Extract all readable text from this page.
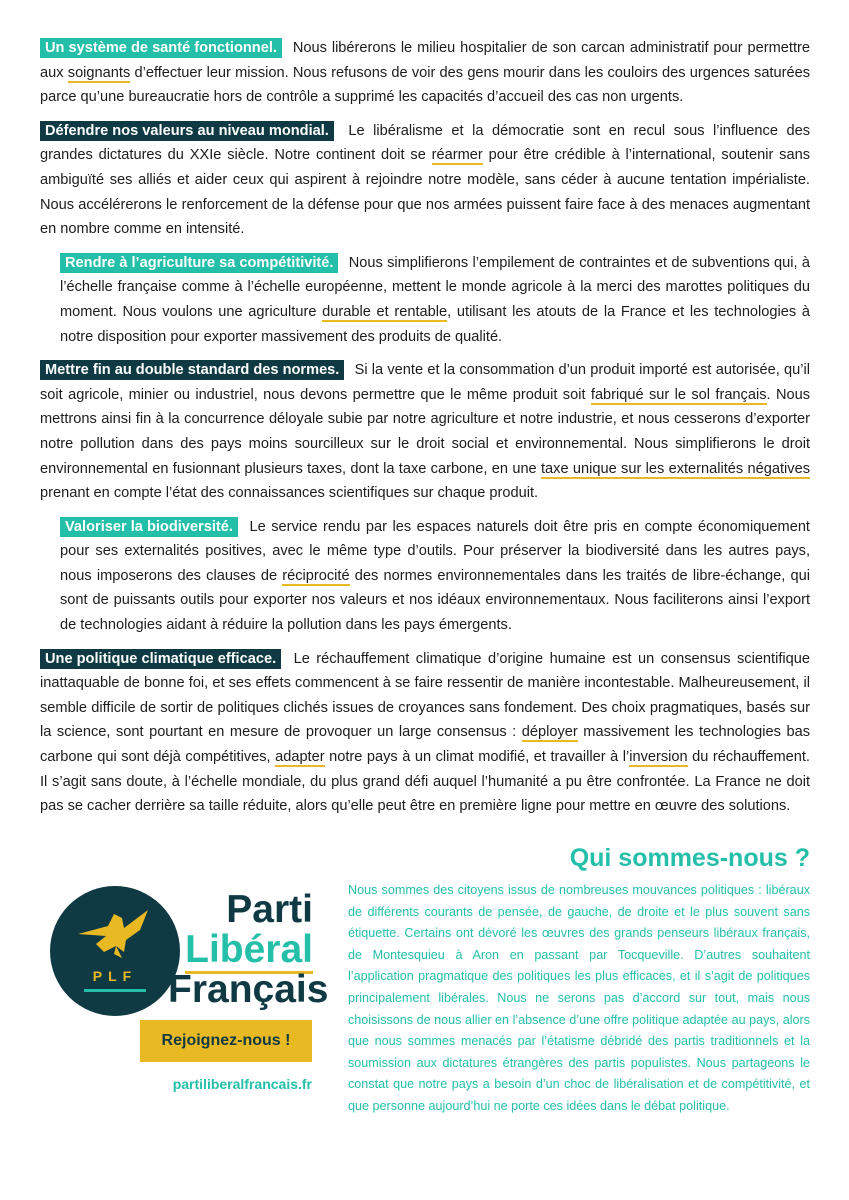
Un système de santé fonctionnel. Nous libérerons le milieu hospitalier de son carcan administratif pour permettre aux soignants d’effectuer leur mission. Nous refusons de voir des gens mourir dans les couloirs des urgences saturées parce qu’une bureaucratie hors de contrôle a supprimé les capacités d’accueil des cas non urgents.

Défendre nos valeurs au niveau mondial. Le libéralisme et la démocratie sont en recul sous l’influence des grandes dictatures du XXIe siècle. Notre continent doit se réarmer pour être crédible à l’international, soutenir sans ambiguïté ses alliés et aider ceux qui aspirent à rejoindre notre modèle, sans céder à aucune tentation impérialiste. Nous accélérerons le renforcement de la défense pour que nos armées puissent faire face à des menaces augmentant en nombre comme en intensité.

Rendre à l’agriculture sa compétitivité. Nous simplifierons l’empilement de contraintes et de subventions qui, à l’échelle française comme à l’échelle européenne, mettent le monde agricole à la merci des marottes politiques du moment. Nous voulons une agriculture durable et rentable, utilisant les atouts de la France et les technologies à notre disposition pour exporter massivement des produits de qualité.

Mettre fin au double standard des normes. Si la vente et la consommation d’un produit importé est autorisée, qu’il soit agricole, minier ou industriel, nous devons permettre que le même produit soit fabriqué sur le sol français. Nous mettrons ainsi fin à la concurrence déloyale subie par notre agriculture et notre industrie, et nous cesserons d’exporter notre pollution dans des pays moins sourcilleux sur le droit social et environnemental. Nous simplifierons le droit environnemental en fusionnant plusieurs taxes, dont la taxe carbone, en une taxe unique sur les externalités négatives prenant en compte l’état des connaissances scientifiques sur chaque produit.

Valoriser la biodiversité. Le service rendu par les espaces naturels doit être pris en compte économiquement pour ses externalités positives, avec le même type d’outils. Pour préserver la biodiversité dans les autres pays, nous imposerons des clauses de réciprocité des normes environnementales dans les traités de libre-échange, qui sont de puissants outils pour exporter nos valeurs et nos idéaux environnementaux. Nous faciliterons ainsi l’export de technologies aidant à réduire la pollution dans les pays émergents.

Une politique climatique efficace. Le réchauffement climatique d’origine humaine est un consensus scientifique inattaquable de bonne foi, et ses effets commencent à se faire ressentir de manière incontestable. Malheureusement, il semble difficile de sortir de politiques clichés issues de croyances sans fondement. Des choix pragmatiques, basés sur la science, sont pourtant en mesure de provoquer un large consensus : déployer massivement les technologies bas carbone qui sont déjà compétitives, adapter notre pays à un climat modifié, et travailler à l’inversion du réchauffement. Il s’agit sans doute, à l’échelle mondiale, du plus grand défi auquel l’humanité a pu être confrontée. La France ne doit pas se cacher derrière sa taille réduite, alors qu’elle peut être en première ligne pour mettre en œuvre des solutions.

PLF
Parti
Libéral
Français
Rejoignez-nous !
partiliberalfrancais.fr
Qui sommes-nous ?

Nous sommes des citoyens issus de nombreuses mouvances politiques : libéraux de différents courants de pensée, de gauche, de droite et le plus souvent sans étiquette. Certains ont dévoré les œuvres des grands penseurs libéraux français, de Montesquieu à Aron en passant par Tocqueville. D’autres souhaitent l’application pragmatique des politiques les plus efficaces, et il s’agit de politiques principalement libérales. Nous ne serons pas d’accord sur tout, mais nous choisissons de nous allier en l’absence d’une offre politique adaptée au pays, alors que nous sommes menacés par l’étatisme débridé des partis traditionnels et la soumission aux dictatures étrangères des partis populistes. Nous partageons le constat que notre pays a besoin d’un choc de libéralisation et de compétitivité, et que personne aujourd’hui ne porte ces idées dans le débat politique.
